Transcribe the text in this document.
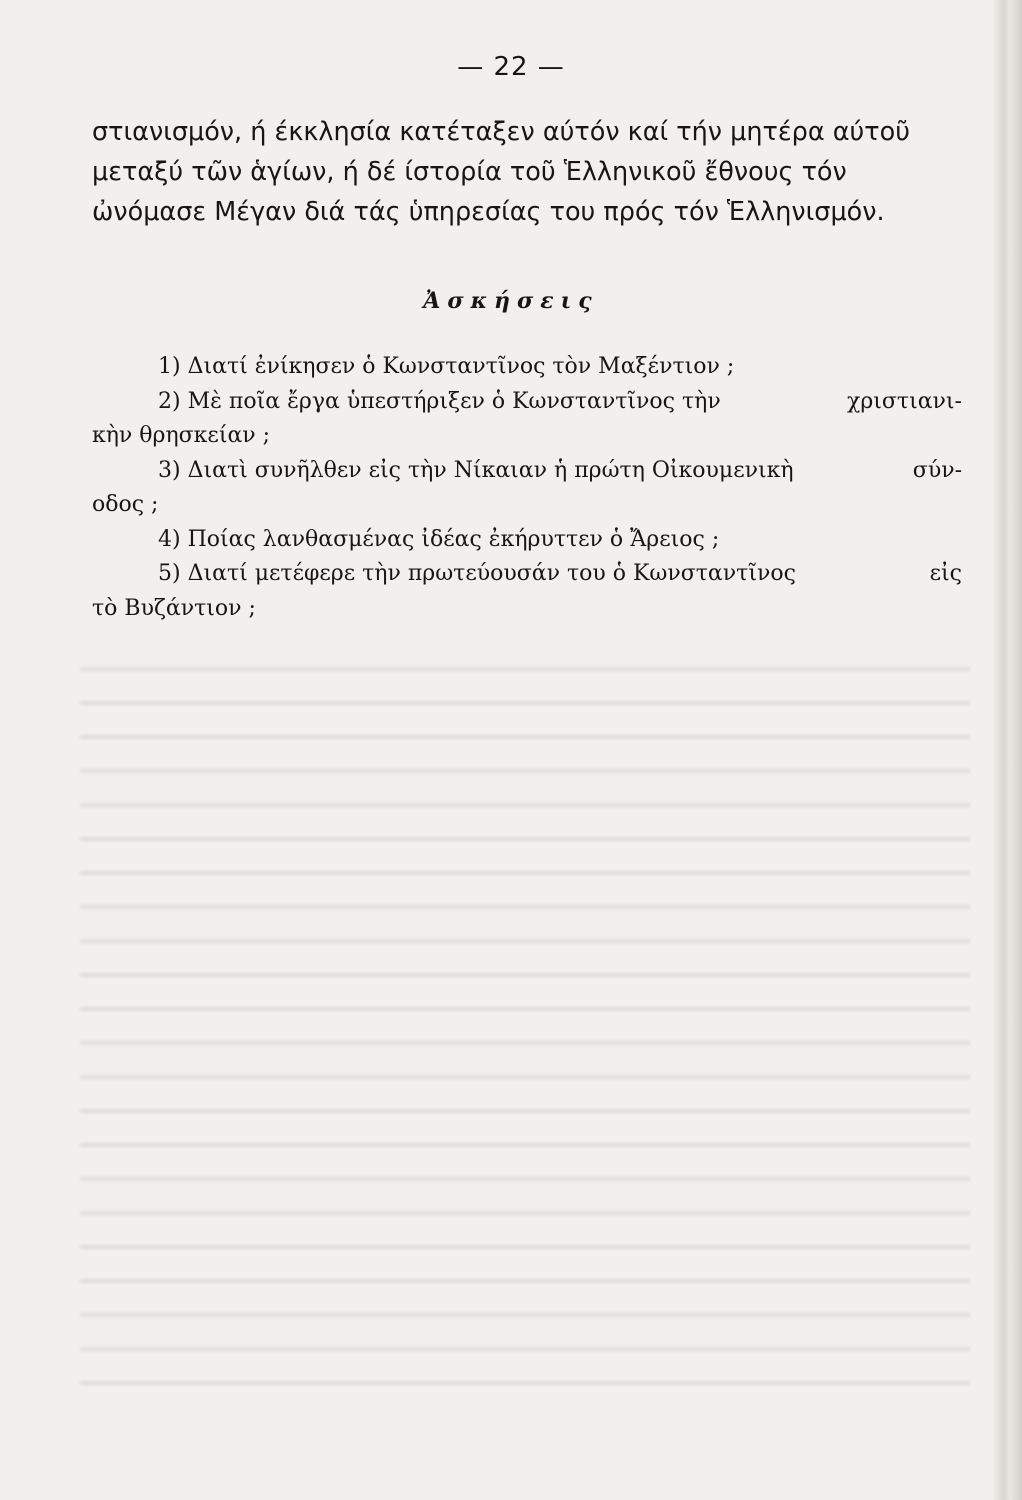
— 22 —
στιανισμόν, ή έκκλησία κατέταξεν αύτόν καί τήν μητέρα αύτοῦ
μεταξύ τῶν ἁγίων, ή δέ ίστορία τοῦ Ἑλληνικοῦ ἔθνους τόν
ὠνόμασε Μέγαν διά τάς ὑπηρεσίας του πρός τόν Ἑλληνισμόν.
Ἀσκήσεις
1) Διατί ἐνίκησεν ὁ Κωνσταντῖνος τὸν Μαξέντιον ;
2) Μὲ ποῖα ἔργα ὑπεστήριξεν ὁ Κωνσταντῖνος τὴν	χριστιανι-
κὴν θρησκείαν ;
3) Διατὶ συνῆλθεν εἰς τὴν Νίκαιαν ἡ πρώτη Οἰκουμενικὴ	σύν-
οδος ;
4) Ποίας λανθασμένας ἰδέας ἐκήρυττεν ὁ Ἄρειος ;
5) Διατί μετέφερε τὴν πρωτεύουσάν του ὁ Κωνσταντῖνος	εἰς
τὸ Βυζάντιον ;
